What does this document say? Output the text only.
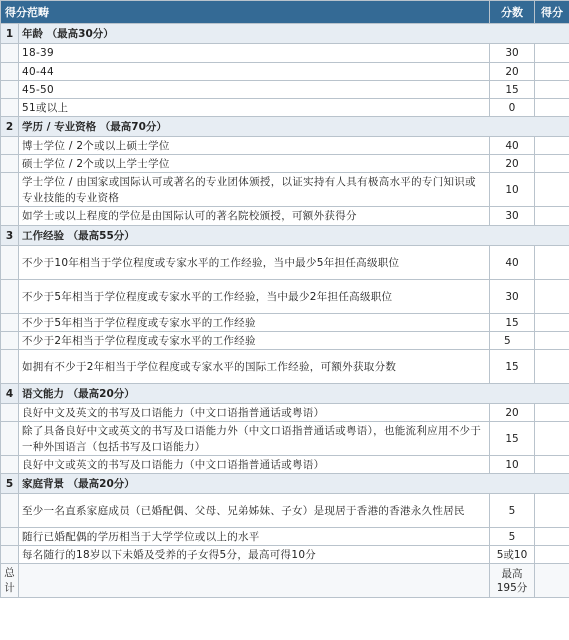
得分范畴		分数	得分
1	年龄 （最高30分）		
	18-39	30	
	40-44	20	
	45-50	15	
	51或以上	0	
2	学历 / 专业资格 （最高70分）		
	博士学位 / 2个或以上硕士学位	40	
	硕士学位 / 2个或以上学士学位	20	
	学士学位 / 由国家或国际认可或著名的专业团体颁授，以证实持有人具有极高水平的专门知识或专业技能的专业资格	10	
	如学士或以上程度的学位是由国际认可的著名院校颁授，可额外获得分	30	
3	工作经验 （最高55分）		
	不少于10年相当于学位程度或专家水平的工作经验，当中最少5年担任高级职位	40	
	不少于5年相当于学位程度或专家水平的工作经验，当中最少2年担任高级职位	30	
	不少于5年相当于学位程度或专家水平的工作经验	15	
	不少于2年相当于学位程度或专家水平的工作经验	5	
	如拥有不少于2年相当于学位程度或专家水平的国际工作经验，可额外获取分数	15	
4	语文能力 （最高20分）		
	良好中文及英文的书写及口语能力（中文口语指普通话或粤语）	20	
	除了具备良好中文或英文的书写及口语能力外（中文口语指普通话或粤语），也能流利应用不少于一种外国语言（包括书写及口语能力）	15	
	良好中文或英文的书写及口语能力（中文口语指普通话或粤语）	10	
5	家庭背景 （最高20分）		
	至少一名直系家庭成员（已婚配偶、父母、兄弟姊妹、子女）是现居于香港的香港永久性居民	5	
	随行已婚配偶的学历相当于大学学位或以上的水平	5	
	每名随行的18岁以下未婚及受养的子女得5分，最高可得10分	5或10	
总计		最高195分	
